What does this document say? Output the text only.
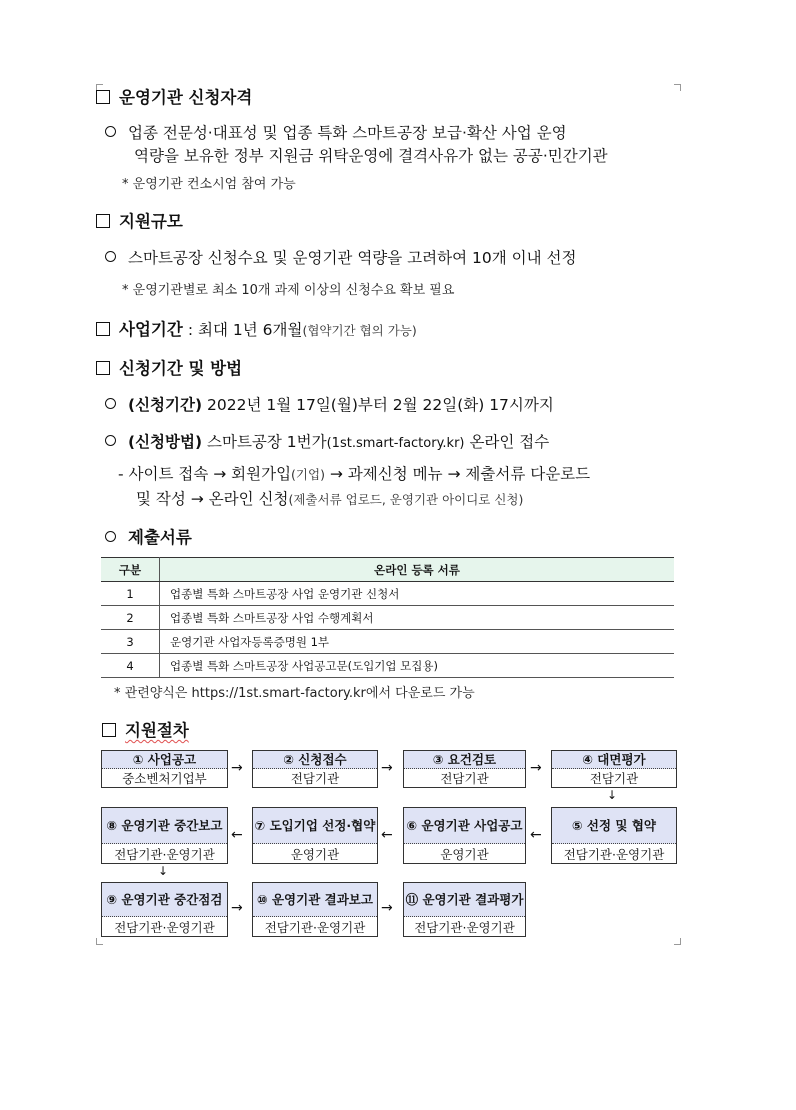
운영기관 신청자격
업종 전문성·대표성 및 업종 특화 스마트공장 보급·확산 사업 운영
역량을 보유한 정부 지원금 위탁운영에 결격사유가 없는 공공·민간기관
* 운영기관 컨소시엄 참여 가능
지원규모
스마트공장 신청수요 및 운영기관 역량을 고려하여 10개 이내 선정
* 운영기관별로 최소 10개 과제 이상의 신청수요 확보 필요
사업기간 : 최대 1년 6개월(협약기간 협의 가능)
신청기간 및 방법
(신청기간) 2022년 1월 17일(월)부터 2월 22일(화) 17시까지
(신청방법) 스마트공장 1번가(1st.smart-factory.kr) 온라인 접수
- 사이트 접속 → 회원가입(기업) → 과제신청 메뉴 → 제출서류 다운로드
및 작성 → 온라인 신청(제출서류 업로드, 운영기관 아이디로 신청)
제출서류
구분	온라인 등록 서류
1	업종별 특화 스마트공장 사업 운영기관 신청서
2	업종별 특화 스마트공장 사업 수행계획서
3	운영기관 사업자등록증명원 1부
4	업종별 특화 스마트공장 사업공고문(도입기업 모집용)
* 관련양식은 https://1st.smart-factory.kr에서 다운로드 가능
지원절차
① 사업공고
중소벤처기업부
② 신청접수
전담기관
③ 요건검토
전담기관
④ 대면평가
전담기관
→	→	→
↓
⑧ 운영기관 중간보고
전담기관·운영기관
⑦ 도입기업 선정·협약
운영기관
⑥ 운영기관 사업공고
운영기관
⑤ 선정 및 협약
전담기관·운영기관
←	←	←
↓
⑨ 운영기관 중간점검
전담기관·운영기관
⑩ 운영기관 결과보고
전담기관·운영기관
⑪ 운영기관 결과평가
전담기관·운영기관
→	→
